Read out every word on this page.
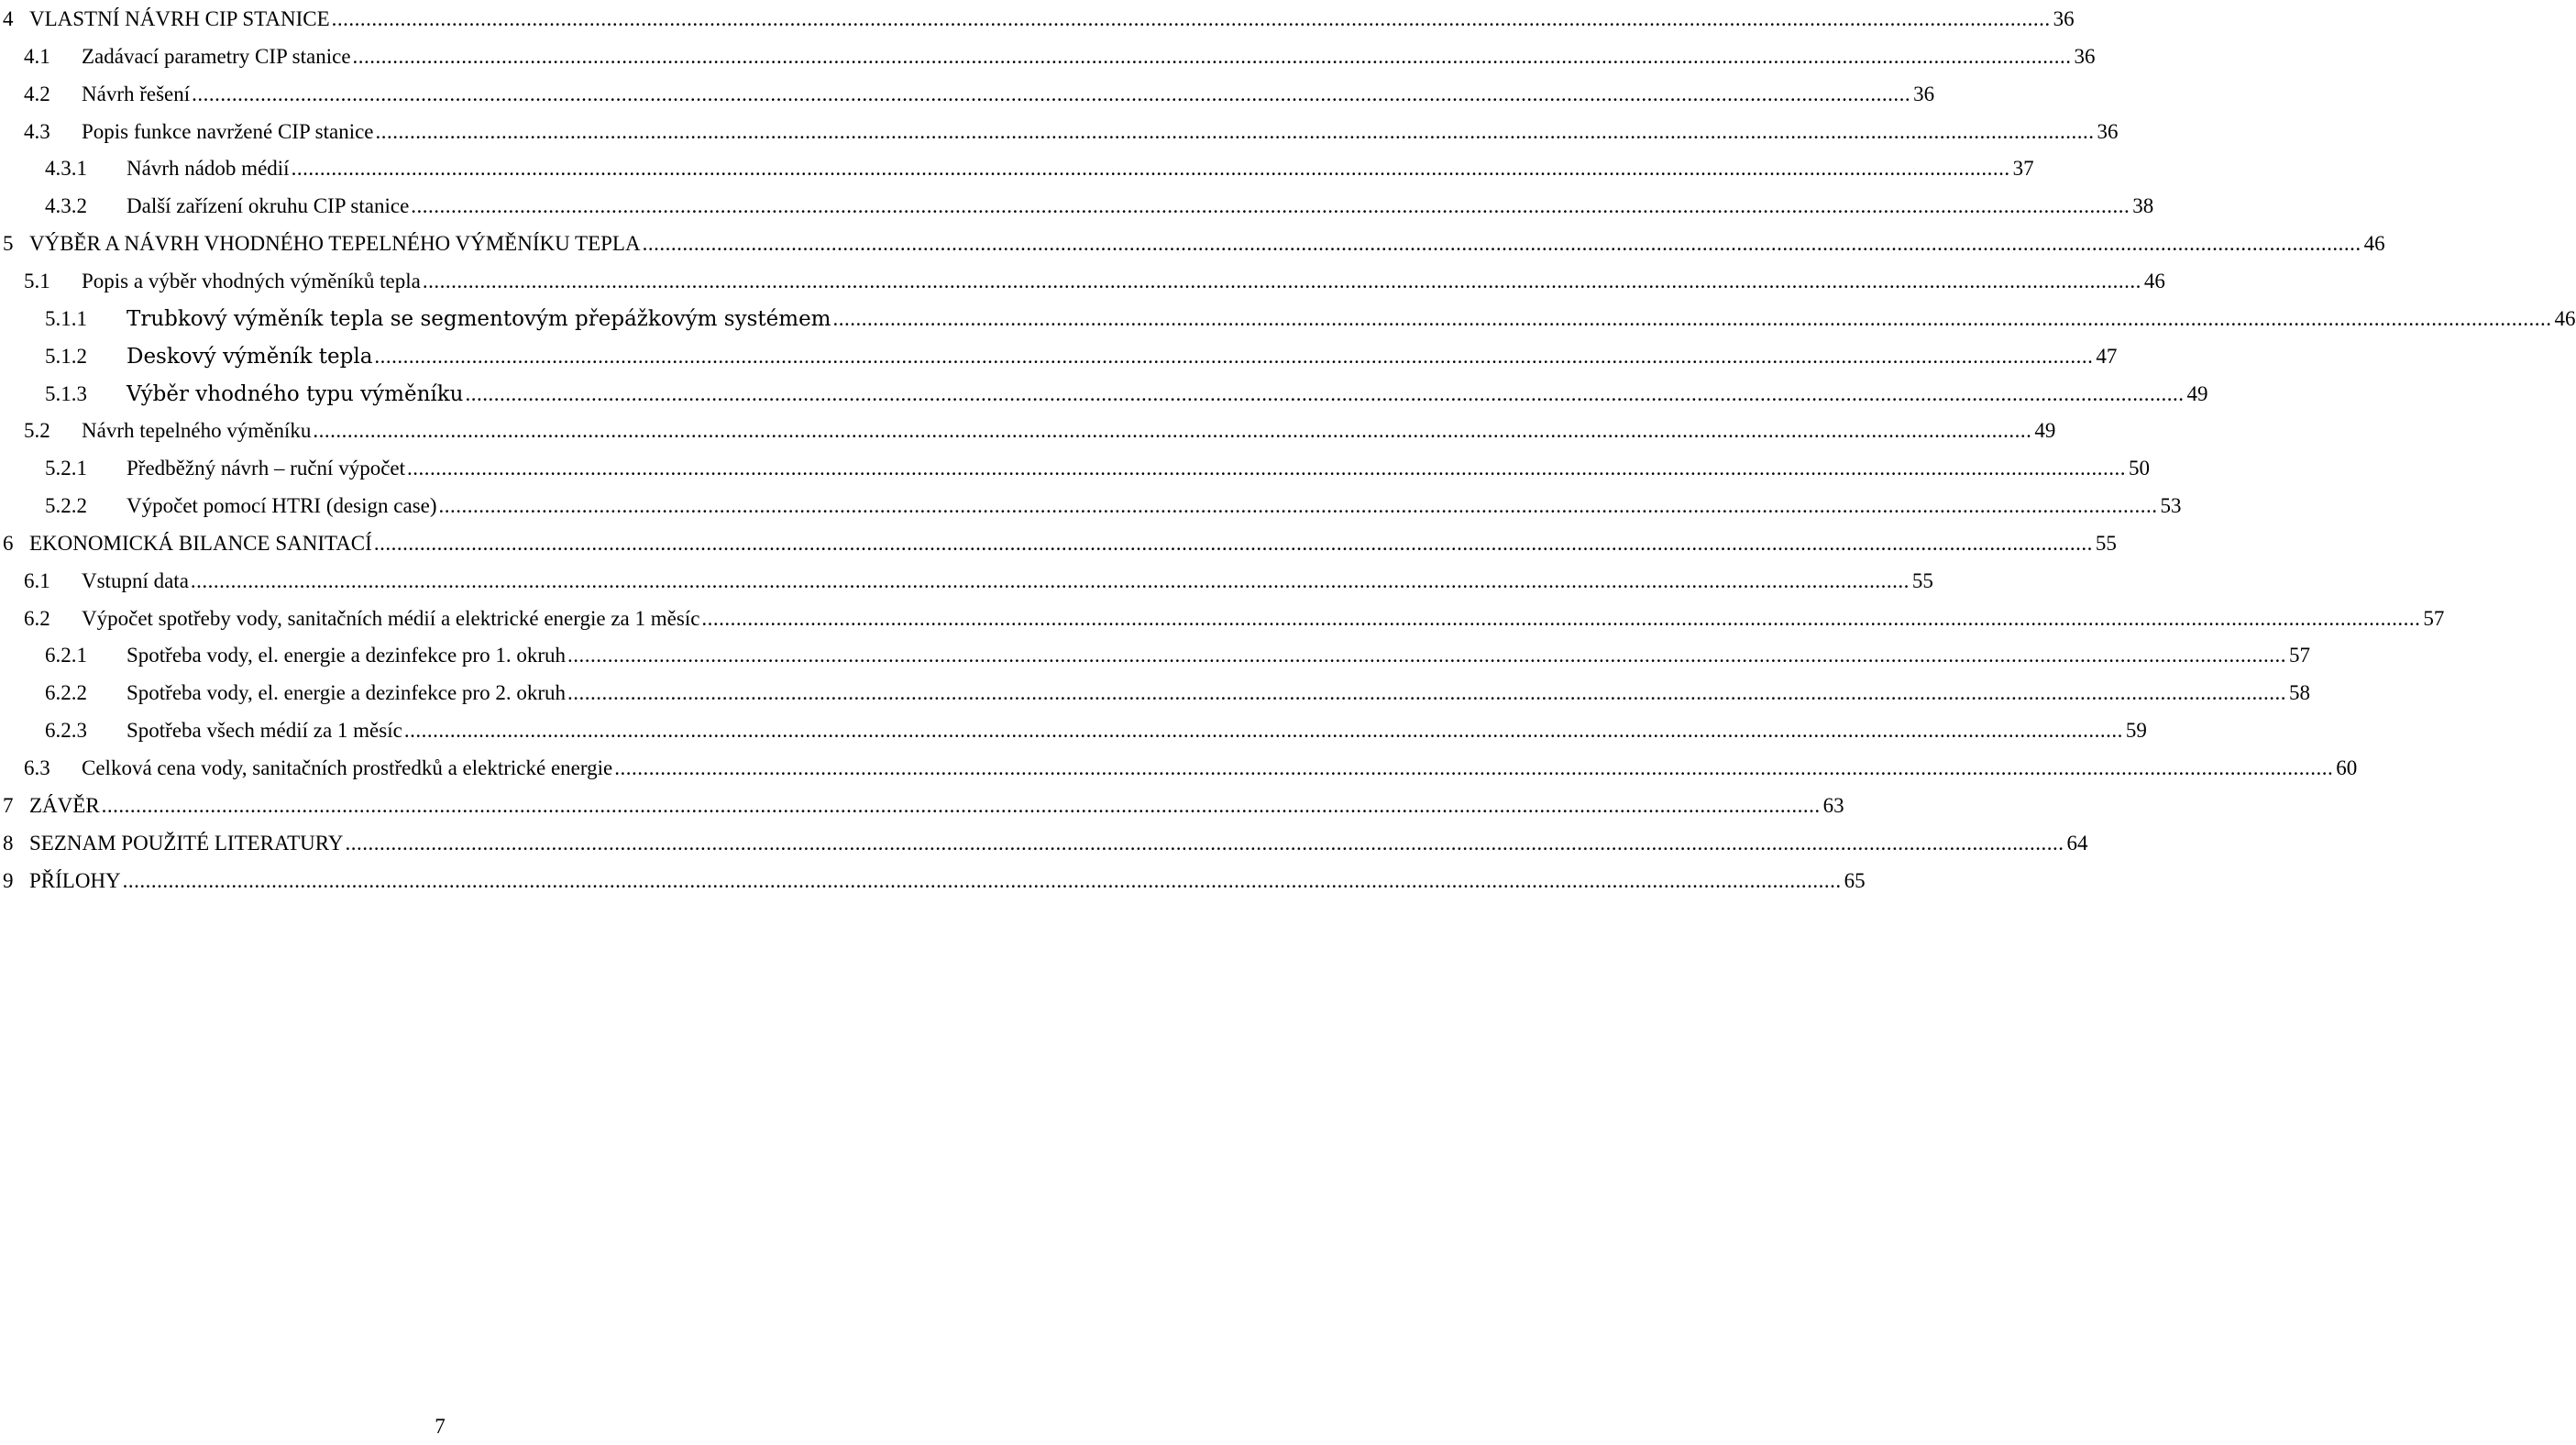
4 VLASTNÍ NÁVRH CIP STANICE ............................................................................................................................................................................................................................................................................................................ 36
4.1 Zadávací parametry CIP stanice ............................................................................................................................................................................................................................................................................................................ 36
4.2 Návrh řešení ............................................................................................................................................................................................................................................................................................................ 36
4.3 Popis funkce navržené CIP stanice ............................................................................................................................................................................................................................................................................................................ 36
4.3.1 Návrh nádob médií ............................................................................................................................................................................................................................................................................................................ 37
4.3.2 Další zařízení okruhu CIP stanice ............................................................................................................................................................................................................................................................................................................ 38
5 VÝBĚR A NÁVRH VHODNÉHO TEPELNÉHO VÝMĚNÍKU TEPLA ............................................................................................................................................................................................................................................................................................................ 46
5.1 Popis a výběr vhodných výměníků tepla ............................................................................................................................................................................................................................................................................................................ 46
5.1.1 Trubkový výměník tepla se segmentovým přepážkovým systémem ............................................................................................................................................................................................................................................................................................................ 46
5.1.2 Deskový výměník tepla ............................................................................................................................................................................................................................................................................................................ 47
5.1.3 Výběr vhodného typu výměníku ............................................................................................................................................................................................................................................................................................................ 49
5.2 Návrh tepelného výměníku ............................................................................................................................................................................................................................................................................................................ 49
5.2.1 Předběžný návrh – ruční výpočet ............................................................................................................................................................................................................................................................................................................ 50
5.2.2 Výpočet pomocí HTRI (design case) ............................................................................................................................................................................................................................................................................................................ 53
6 EKONOMICKÁ BILANCE SANITACÍ ............................................................................................................................................................................................................................................................................................................ 55
6.1 Vstupní data ............................................................................................................................................................................................................................................................................................................ 55
6.2 Výpočet spotřeby vody, sanitačních médií a elektrické energie za 1 měsíc ............................................................................................................................................................................................................................................................................................................ 57
6.2.1 Spotřeba vody, el. energie a dezinfekce pro 1. okruh ............................................................................................................................................................................................................................................................................................................ 57
6.2.2 Spotřeba vody, el. energie a dezinfekce pro 2. okruh ............................................................................................................................................................................................................................................................................................................ 58
6.2.3 Spotřeba všech médií za 1 měsíc ............................................................................................................................................................................................................................................................................................................ 59
6.3 Celková cena vody, sanitačních prostředků a elektrické energie ............................................................................................................................................................................................................................................................................................................ 60
7 ZÁVĚR ............................................................................................................................................................................................................................................................................................................ 63
8 SEZNAM POUŽITÉ LITERATURY ............................................................................................................................................................................................................................................................................................................ 64
9 PŘÍLOHY ............................................................................................................................................................................................................................................................................................................ 65
7
